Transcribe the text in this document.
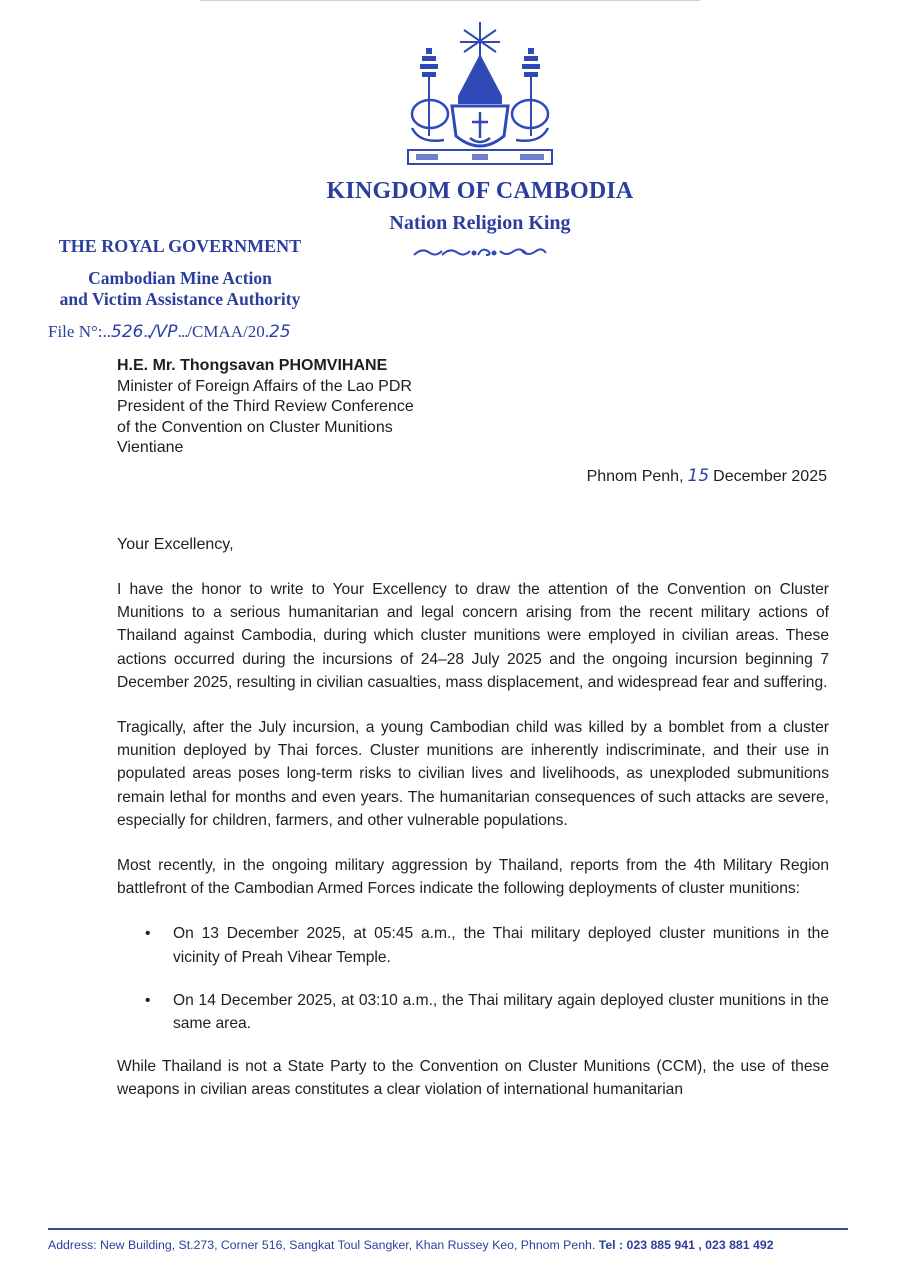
KINGDOM OF CAMBODIA
Nation Religion King
THE ROYAL GOVERNMENT
Cambodian Mine Action
and Victim Assistance Authority
File N°:..526../VP.../CMAA/20.25
H.E. Mr. Thongsavan PHOMVIHANE
Minister of Foreign Affairs of the Lao PDR
President of the Third Review Conference
of the Convention on Cluster Munitions
Vientiane
Phnom Penh, 15 December 2025
Your Excellency,

I have the honor to write to Your Excellency to draw the attention of the Convention on Cluster Munitions to a serious humanitarian and legal concern arising from the recent military actions of Thailand against Cambodia, during which cluster munitions were employed in civilian areas. These actions occurred during the incursions of 24–28 July 2025 and the ongoing incursion beginning 7 December 2025, resulting in civilian casualties, mass displacement, and widespread fear and suffering.

Tragically, after the July incursion, a young Cambodian child was killed by a bomblet from a cluster munition deployed by Thai forces. Cluster munitions are inherently indiscriminate, and their use in populated areas poses long-term risks to civilian lives and livelihoods, as unexploded submunitions remain lethal for months and even years. The humanitarian consequences of such attacks are severe, especially for children, farmers, and other vulnerable populations.

Most recently, in the ongoing military aggression by Thailand, reports from the 4th Military Region battlefront of the Cambodian Armed Forces indicate the following deployments of cluster munitions:

• On 13 December 2025, at 05:45 a.m., the Thai military deployed cluster munitions in the vicinity of Preah Vihear Temple.
• On 14 December 2025, at 03:10 a.m., the Thai military again deployed cluster munitions in the same area.

While Thailand is not a State Party to the Convention on Cluster Munitions (CCM), the use of these weapons in civilian areas constitutes a clear violation of international humanitarian

Address: New Building, St.273, Corner 516, Sangkat Toul Sangker, Khan Russey Keo, Phnom Penh. Tel : 023 885 941 , 023 881 492
